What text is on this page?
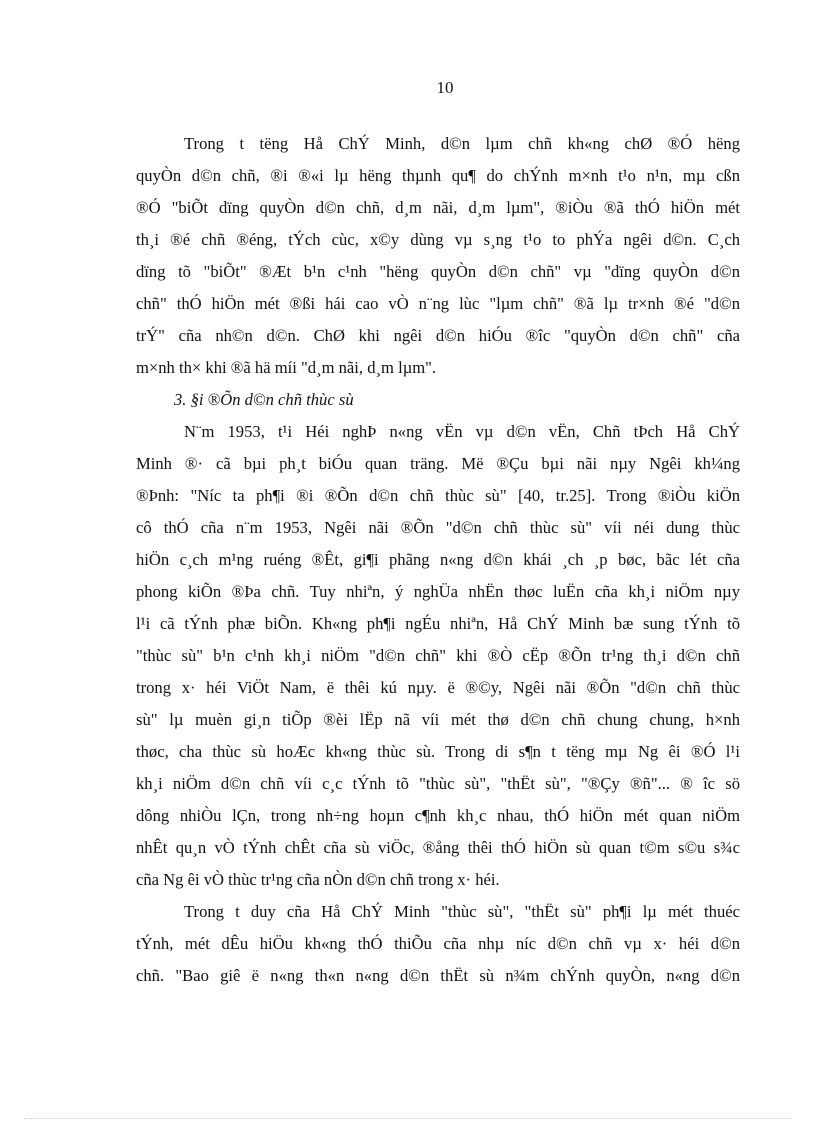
10
Trong t tëng Hå ChÝ Minh, d©n lµm chñ kh«ng chØ ®Ó hëng
quyÒn d©n chñ, ®i ®«i lµ hëng thµnh qu¶ do chÝnh m×nh t¹o n¹n, mµ cßn
®Ó "biÕt dïng quyÒn d©n chñ, d¸m nãi, d¸m lµm", ®iÒu ®ã thÓ hiÖn mét
th¸i ®é chñ ®éng, tÝch cùc, x©y dùng vµ s¸ng t¹o to phÝa ngêi d©n. C¸ch
dïng tõ "biÕt" ®Æt b¹n c¹nh "hëng quyÒn d©n chñ" vµ "dïng quyÒn d©n
chñ" thÓ hiÖn mét ®ßi hái cao vÒ n¨ng lùc "lµm chñ" ®ã lµ tr×nh ®é "d©n
trÝ" cña nh©n d©n. ChØ khi ngêi d©n hiÓu ®îc "quyÒn d©n chñ" cña
m×nh th× khi ®ã hä míi "d¸m nãi, d¸m lµm".
3. §i ®Õn d©n chñ thùc sù
N¨m 1953, t¹i Héi nghÞ n«ng vËn vµ d©n vËn, Chñ tÞch Hå ChÝ
Minh ®· cã bµi ph¸t biÓu quan träng. Më ®Çu bµi nãi nµy Ngêi kh¼ng
®Þnh: "Níc ta ph¶i ®i ®Õn d©n chñ thùc sù" [40, tr.25]. Trong ®iÒu kiÖn
cô thÓ cña n¨m 1953, Ngêi nãi ®Õn "d©n chñ thùc sù" víi néi dung thùc
hiÖn c¸ch m¹ng ruéng ®Êt, gi¶i phãng n«ng d©n khái ¸ch ¸p bøc, bãc lét cña
phong kiÕn ®Þa chñ. Tuy nhiªn, ý nghÜa nhËn thøc luËn cña kh¸i niÖm nµy
l¹i cã tÝnh phæ biÕn. Kh«ng ph¶i ngÉu nhiªn, Hå ChÝ Minh bæ sung tÝnh tõ
"thùc sù" b¹n c¹nh kh¸i niÖm "d©n chñ" khi ®Ò cËp ®Õn tr¹ng th¸i d©n chñ
trong x· héi ViÖt Nam, ë thêi kú nµy. ë ®©y, Ngêi nãi ®Õn "d©n chñ thùc
sù" lµ muèn gi¸n tiÕp ®èi lËp nã víi mét thø d©n chñ chung chung, h×nh
thøc, cha thùc sù hoÆc kh«ng thùc sù. Trong di s¶n t tëng mµ Ng êi ®Ó l¹i
kh¸i niÖm d©n chñ víi c¸c tÝnh tõ "thùc sù", "thËt sù", "®Çy ®ñ"... ® îc sö
dông nhiÒu lÇn, trong nh÷ng hoµn c¶nh kh¸c nhau, thÓ hiÖn mét quan niÖm
nhÊt qu¸n vÒ tÝnh chÊt cña sù viÖc, ®ång thêi thÓ hiÖn sù quan t©m s©u s¾c
cña Ng êi vÒ thùc tr¹ng cña nÒn d©n chñ trong x· héi.
Trong t duy cña Hå ChÝ Minh "thùc sù", "thËt sù" ph¶i lµ mét thuéc
tÝnh, mét dÊu hiÖu kh«ng thÓ thiÕu cña nhµ níc d©n chñ vµ x· héi d©n
chñ. "Bao giê ë n«ng th«n n«ng d©n thËt sù n¾m chÝnh quyÒn, n«ng d©n
